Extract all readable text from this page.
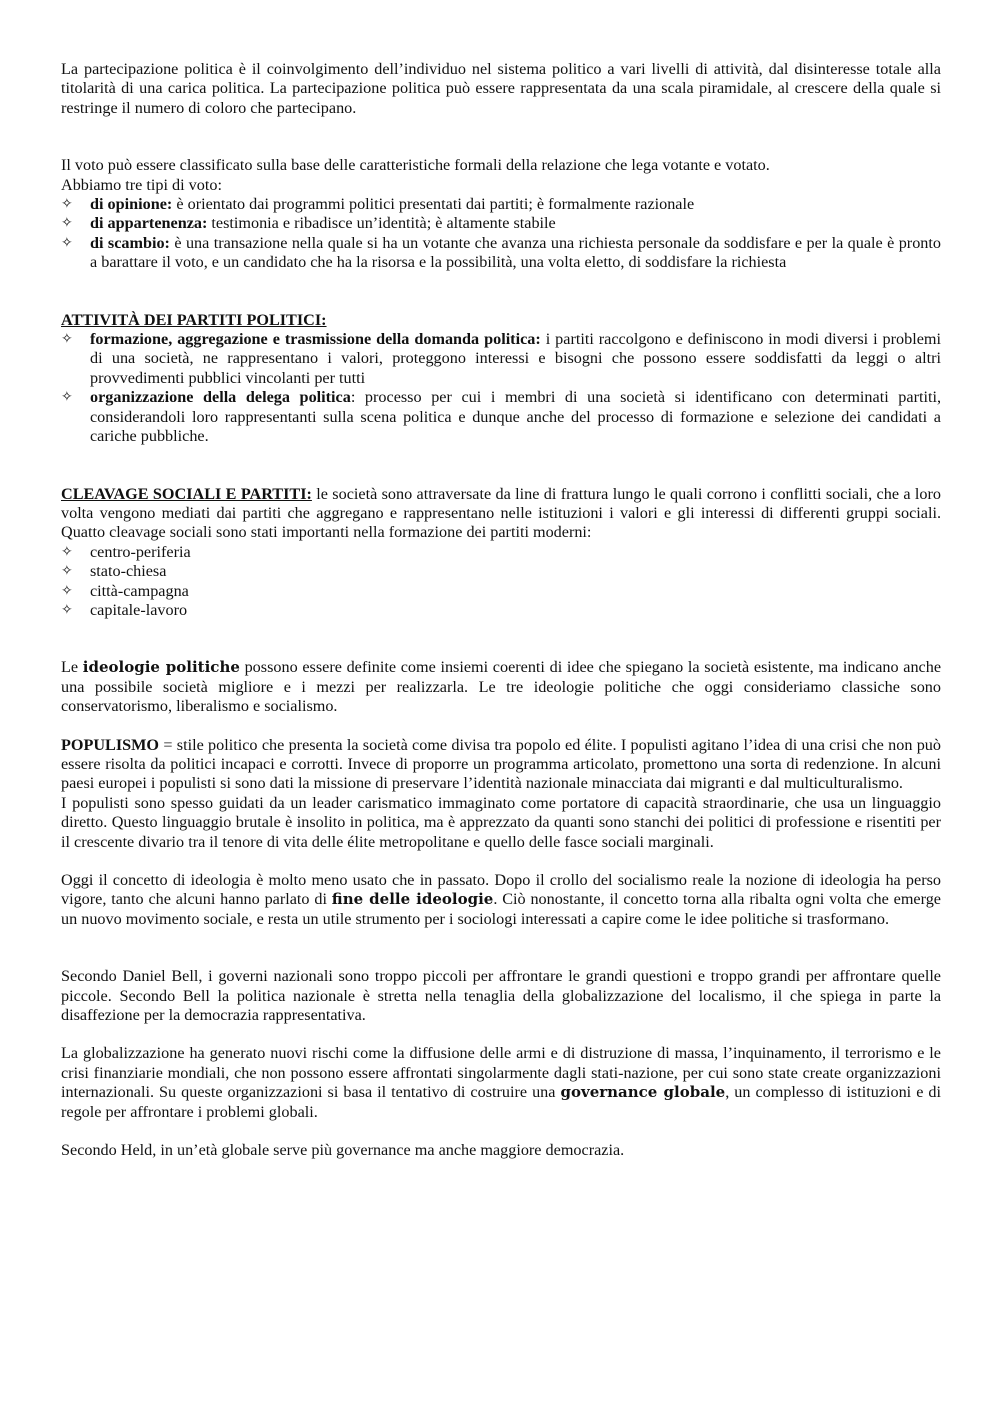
La partecipazione politica è il coinvolgimento dell’individuo nel sistema politico a vari livelli di attività, dal disinteresse totale alla titolarità di una carica politica. La partecipazione politica può essere rappresentata da una scala piramidale, al crescere della quale si restringe il numero di coloro che partecipano.

Il voto può essere classificato sulla base delle caratteristiche formali della relazione che lega votante e votato.

Abbiamo tre tipi di voto:

✧	di opinione: è orientato dai programmi politici presentati dai partiti; è formalmente razionale
✧	di appartenenza: testimonia e ribadisce un’identità; è altamente stabile
✧	di scambio: è una transazione nella quale si ha un votante che avanza una richiesta personale da soddisfare e per la quale è pronto a barattare il voto, e un candidato che ha la risorsa e la possibilità, una volta eletto, di soddisfare la richiesta

ATTIVITÀ DEI PARTITI POLITICI:

✧	formazione, aggregazione e trasmissione della domanda politica: i partiti raccolgono e definiscono in modi diversi i problemi di una società, ne rappresentano i valori, proteggono interessi e bisogni che possono essere soddisfatti da leggi o altri provvedimenti pubblici vincolanti per tutti
✧	organizzazione della delega politica: processo per cui i membri di una società si identificano con determinati partiti, considerandoli loro rappresentanti sulla scena politica e dunque anche del processo di formazione e selezione dei candidati a cariche pubbliche.

CLEAVAGE SOCIALI E PARTITI: le società sono attraversate da line di frattura lungo le quali corrono i conflitti sociali, che a loro volta vengono mediati dai partiti che aggregano e rappresentano nelle istituzioni i valori e gli interessi di differenti gruppi sociali. Quatto cleavage sociali sono stati importanti nella formazione dei partiti moderni:

✧	centro-periferia
✧	stato-chiesa
✧	città-campagna
✧	capitale-lavoro

Le ideologie politiche possono essere definite come insiemi coerenti di idee che spiegano la società esistente, ma indicano anche una possibile società migliore e i mezzi per realizzarla. Le tre ideologie politiche che oggi consideriamo classiche sono conservatorismo, liberalismo e socialismo.

POPULISMO = stile politico che presenta la società come divisa tra popolo ed élite. I populisti agitano l’idea di una crisi che non può essere risolta da politici incapaci e corrotti. Invece di proporre un programma articolato, promettono una sorta di redenzione. In alcuni paesi europei i populisti si sono dati la missione di preservare l’identità nazionale minacciata dai migranti e dal multiculturalismo.

I populisti sono spesso guidati da un leader carismatico immaginato come portatore di capacità straordinarie, che usa un linguaggio diretto. Questo linguaggio brutale è insolito in politica, ma è apprezzato da quanti sono stanchi dei politici di professione e risentiti per il crescente divario tra il tenore di vita delle élite metropolitane e quello delle fasce sociali marginali.

Oggi il concetto di ideologia è molto meno usato che in passato. Dopo il crollo del socialismo reale la nozione di ideologia ha perso vigore, tanto che alcuni hanno parlato di fine delle ideologie. Ciò nonostante, il concetto torna alla ribalta ogni volta che emerge un nuovo movimento sociale, e resta un utile strumento per i sociologi interessati a capire come le idee politiche si trasformano.

Secondo Daniel Bell, i governi nazionali sono troppo piccoli per affrontare le grandi questioni e troppo grandi per affrontare quelle piccole. Secondo Bell la politica nazionale è stretta nella tenaglia della globalizzazione del localismo, il che spiega in parte la disaffezione per la democrazia rappresentativa.

La globalizzazione ha generato nuovi rischi come la diffusione delle armi e di distruzione di massa, l’inquinamento, il terrorismo e le crisi finanziarie mondiali, che non possono essere affrontati singolarmente dagli stati-nazione, per cui sono state create organizzazioni internazionali. Su queste organizzazioni si basa il tentativo di costruire una governance globale, un complesso di istituzioni e di regole per affrontare i problemi globali.

Secondo Held, in un’età globale serve più governance ma anche maggiore democrazia.
